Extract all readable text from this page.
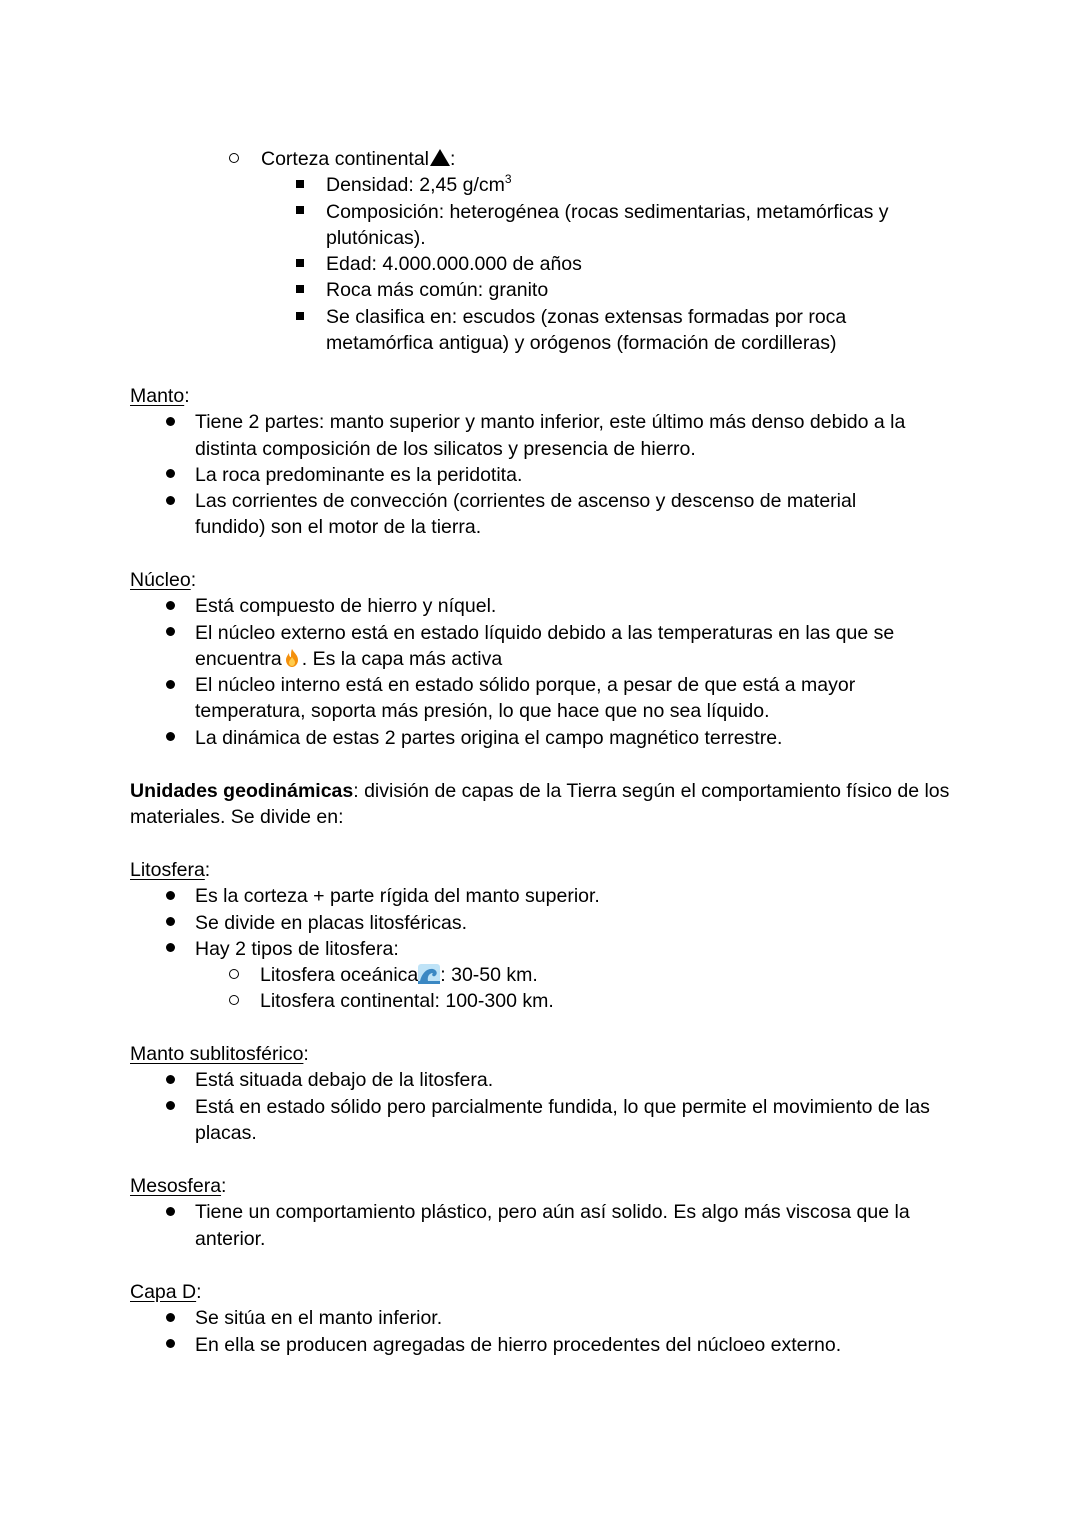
Corteza continental :
Densidad: 2,45 $g/cm^3$
Composición: heterogénea (rocas sedimentarias, metamórficas y plutónicas).
Edad: 4.000.000.000 de años
Roca más común: granito
Se clasifica en: escudos (zonas extensas formadas por roca metamórfica antigua) y orógenos (formación de cordilleras)
Manto:
Tiene 2 partes: manto superior y manto inferior, este último más denso debido a la distinta composición de los silicatos y presencia de hierro.
La roca predominante es la peridotita.
Las corrientes de convección (corrientes de ascenso y descenso de material fundido) son el motor de la tierra.
Núcleo:
Está compuesto de hierro y níquel.
El núcleo externo está en estado líquido debido a las temperaturas en las que se encuentra . Es la capa más activa
El núcleo interno está en estado sólido porque, a pesar de que está a mayor temperatura, soporta más presión, lo que hace que no sea líquido.
La dinámica de estas 2 partes origina el campo magnético terrestre.
Unidades geodinámicas: división de capas de la Tierra según el comportamiento físico de los materiales. Se divide en:
Litosfera:
Es la corteza + parte rígida del manto superior.
Se divide en placas litosféricas.
Hay 2 tipos de litosfera:
Litosfera oceánica : 30-50 km.
Litosfera continental: 100-300 km.
Manto sublitosférico:
Está situada debajo de la litosfera.
Está en estado sólido pero parcialmente fundida, lo que permite el movimiento de las placas.
Mesosfera:
Tiene un comportamiento plástico, pero aún así solido. Es algo más viscosa que la anterior.
Capa D:
Se sitúa en el manto inferior.
En ella se producen agregadas de hierro procedentes del núcloeo externo.
